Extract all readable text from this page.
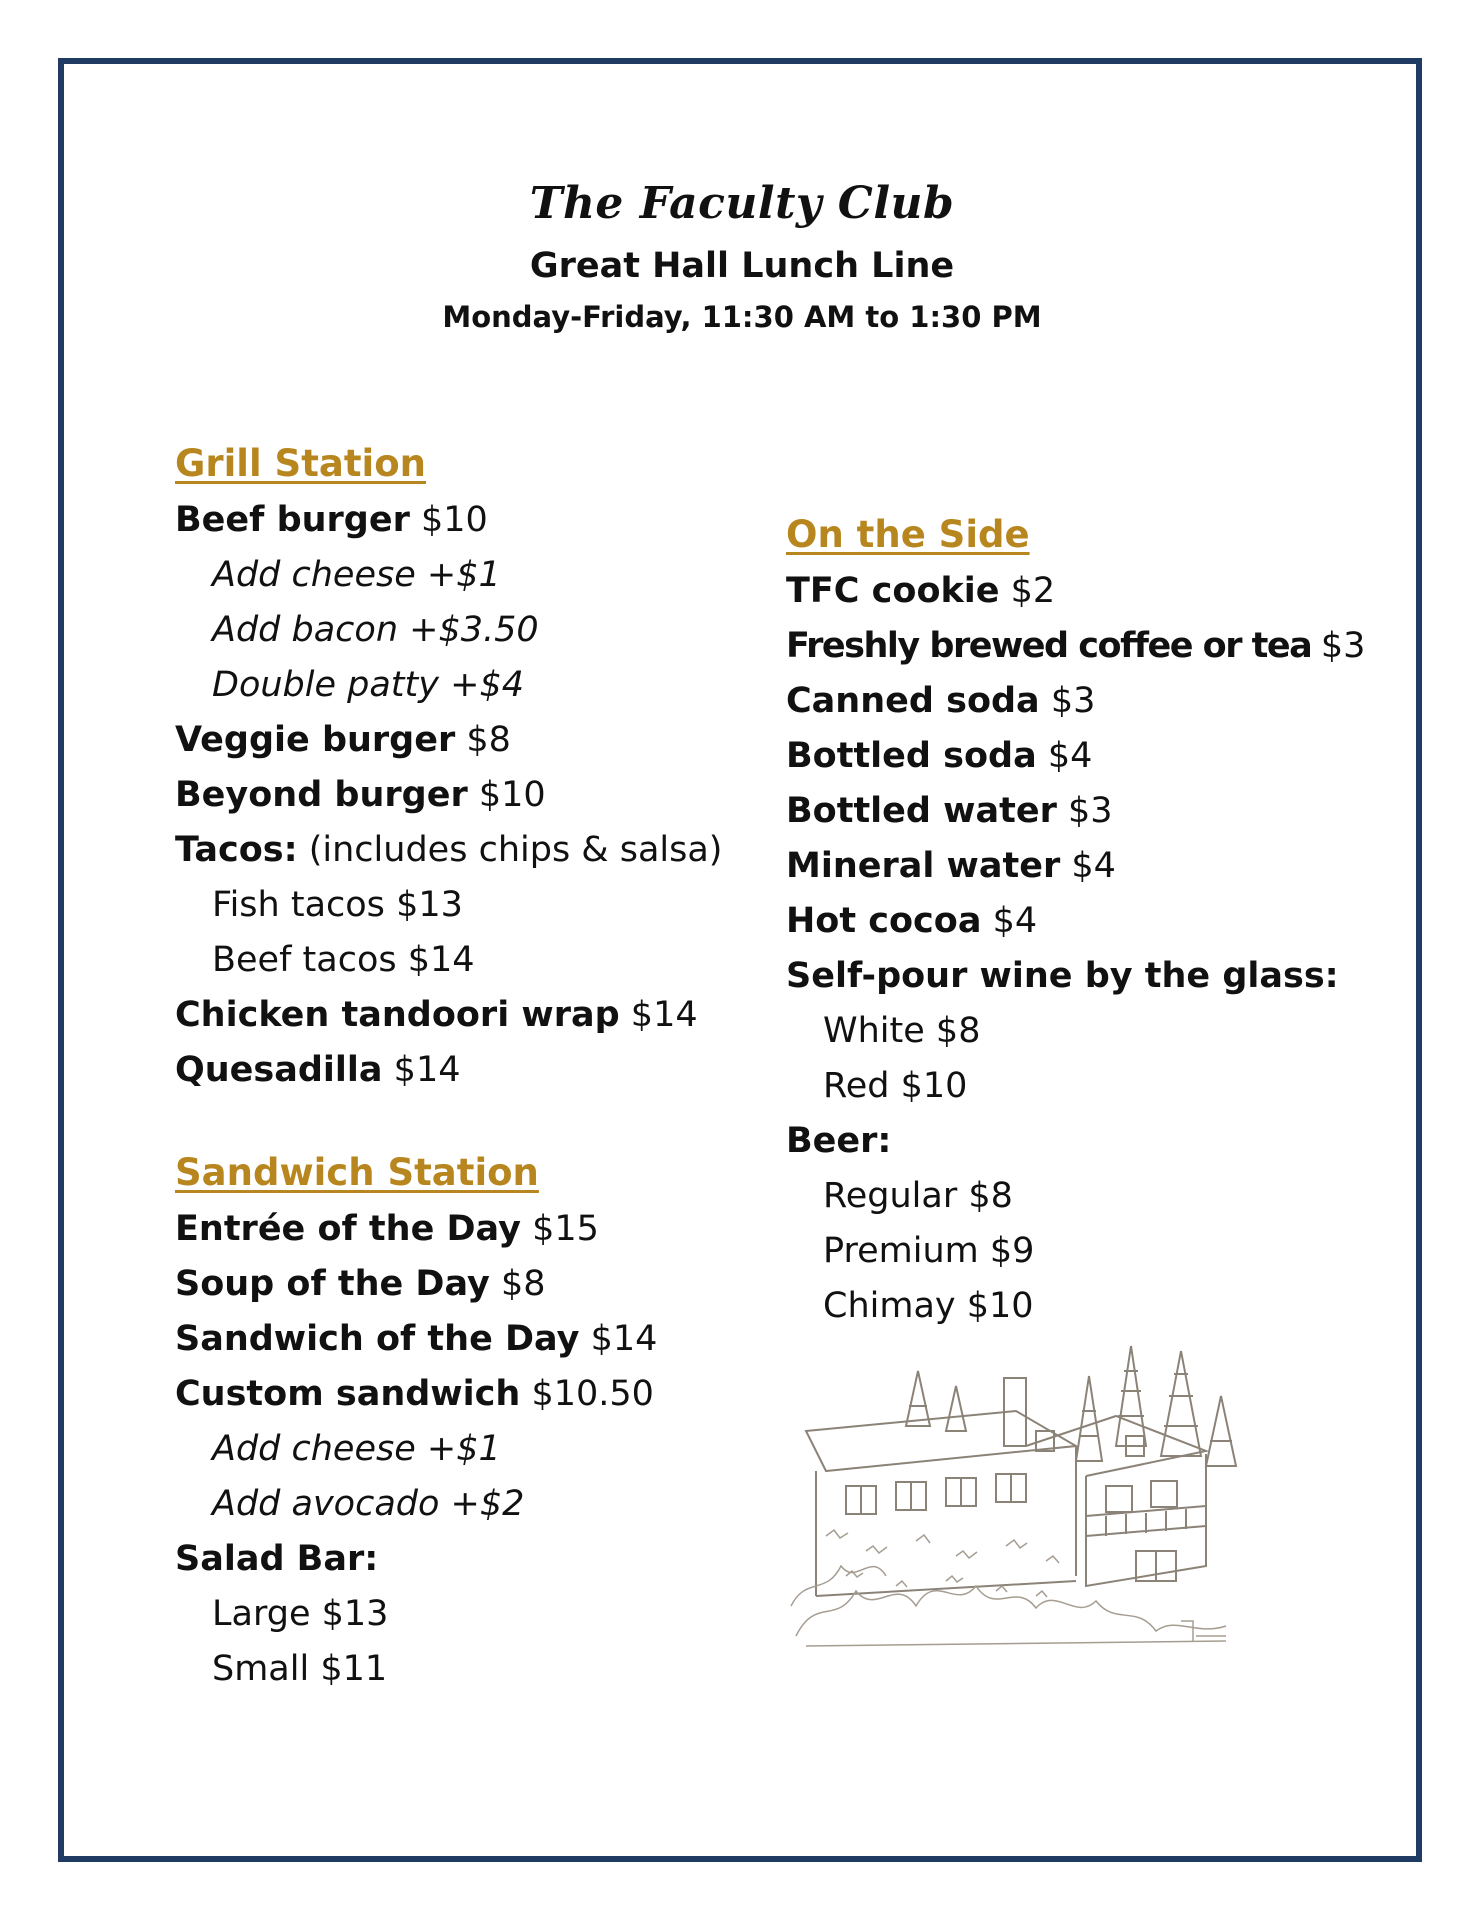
The Faculty Club
Great Hall Lunch Line
Monday-Friday, 11:30 AM to 1:30 PM
Grill Station
Beef burger $10
Add cheese +$1
Add bacon +$3.50
Double patty +$4
Veggie burger $8
Beyond burger $10
Tacos: (includes chips & salsa)
Fish tacos $13
Beef tacos $14
Chicken tandoori wrap $14
Quesadilla $14
Sandwich Station
Entrée of the Day $15
Soup of the Day $8
Sandwich of the Day $14
Custom sandwich $10.50
Add cheese +$1
Add avocado +$2
Salad Bar:
Large $13
Small $11
On the Side
TFC cookie $2
Freshly brewed coffee or tea $3
Canned soda $3
Bottled soda $4
Bottled water $3
Mineral water $4
Hot cocoa $4
Self-pour wine by the glass:
White $8
Red $10
Beer:
Regular $8
Premium $9
Chimay $10
